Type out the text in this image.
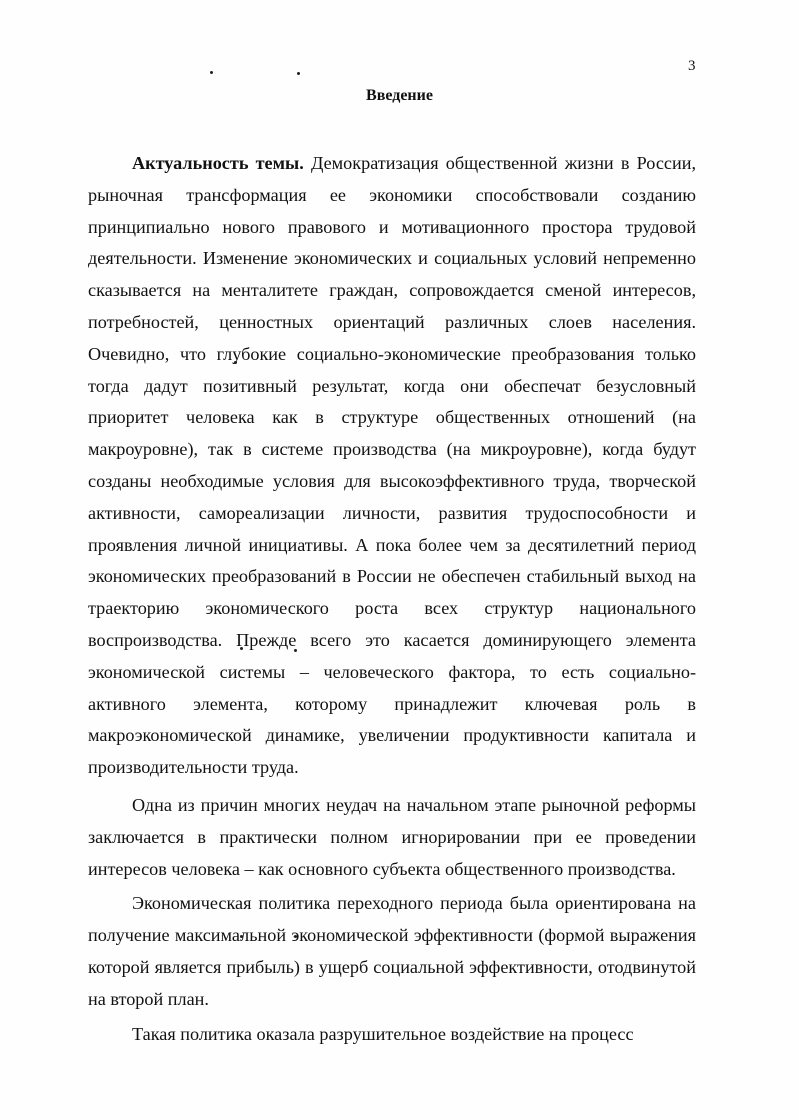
3
Введение

Актуальность темы. Демократизация общественной жизни в России, рыночная трансформация ее экономики способствовали созданию принципиально нового правового и мотивационного простора трудовой деятельности. Изменение экономических и социальных условий непременно сказывается на менталитете граждан, сопровождается сменой интересов, потребностей, ценностных ориентаций различных слоев населения. Очевидно, что глубокие социально-экономические преобразования только тогда дадут позитивный результат, когда они обеспечат безусловный приоритет человека как в структуре общественных отношений (на макроуровне), так в системе производства (на микроуровне), когда будут созданы необходимые условия для высокоэффективного труда, творческой активности, самореализации личности, развития трудоспособности и проявления личной инициативы. А пока более чем за десятилетний период экономических преобразований в России не обеспечен стабильный выход на траекторию экономического роста всех структур национального воспроизводства. Прежде всего это касается доминирующего элемента экономической системы – человеческого фактора, то есть социально-активного элемента, которому принадлежит ключевая роль в макроэкономической динамике, увеличении продуктивности капитала и производительности труда.

Одна из причин многих неудач на начальном этапе рыночной реформы заключается в практически полном игнорировании при ее проведении интересов человека – как основного субъекта общественного производства.

Экономическая политика переходного периода была ориентирована на получение максимальной экономической эффективности (формой выражения которой является прибыль) в ущерб социальной эффективности, отодвинутой на второй план.

Такая политика оказала разрушительное воздействие на процесс
